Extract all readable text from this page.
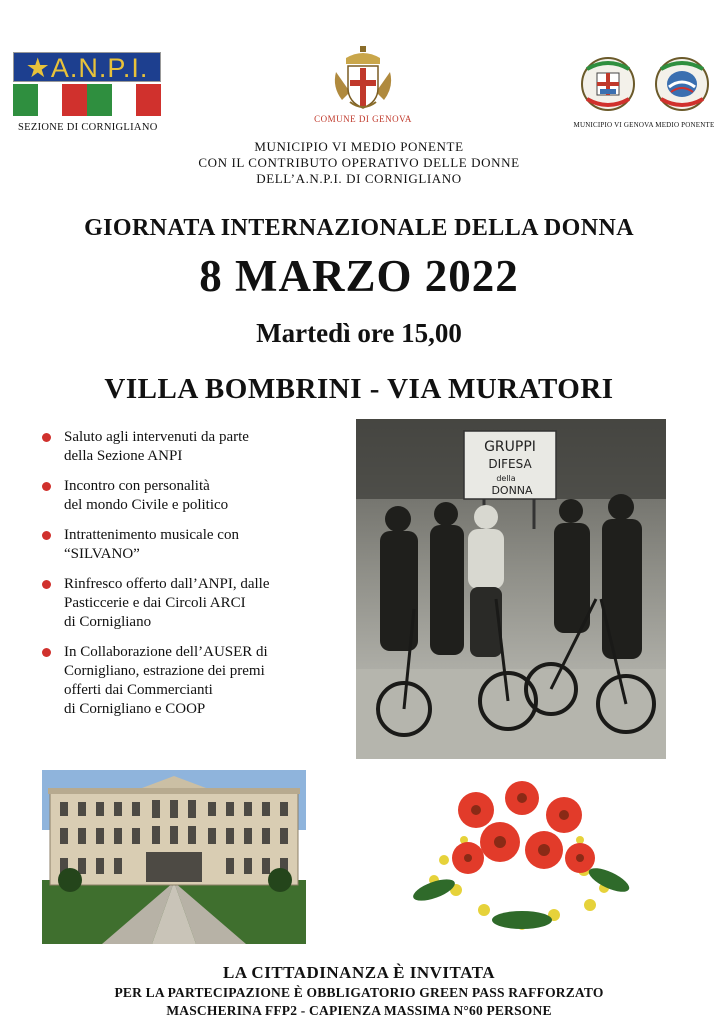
★A.N.P.I.
SEZIONE DI CORNIGLIANO
COMUNE DI GENOVA
MUNICIPIO VI GENOVA MEDIO PONENTE
MUNICIPIO VI MEDIO PONENTE
CON IL CONTRIBUTO OPERATIVO DELLE DONNE
DELL’A.N.P.I. DI CORNIGLIANO
GIORNATA INTERNAZIONALE DELLA DONNA
8 MARZO 2022
Martedì ore 15,00
VILLA BOMBRINI - VIA MURATORI
Saluto agli intervenuti da parte
della Sezione ANPI
Incontro con personalità
del mondo Civile e politico
Intrattenimento musicale con
“SILVANO”
Rinfresco offerto dall’ANPI, dalle
Pasticcerie e dai Circoli ARCI
di Cornigliano
In Collaborazione dell’AUSER di
Cornigliano, estrazione dei premi
offerti dai Commercianti
di Cornigliano e COOP
GRUPPI
DIFESA
della
DONNA
LA CITTADINANZA È INVITATA
PER LA PARTECIPAZIONE È OBBLIGATORIO GREEN PASS RAFFORZATO
MASCHERINA FFP2 - CAPIENZA MASSIMA N°60 PERSONE
